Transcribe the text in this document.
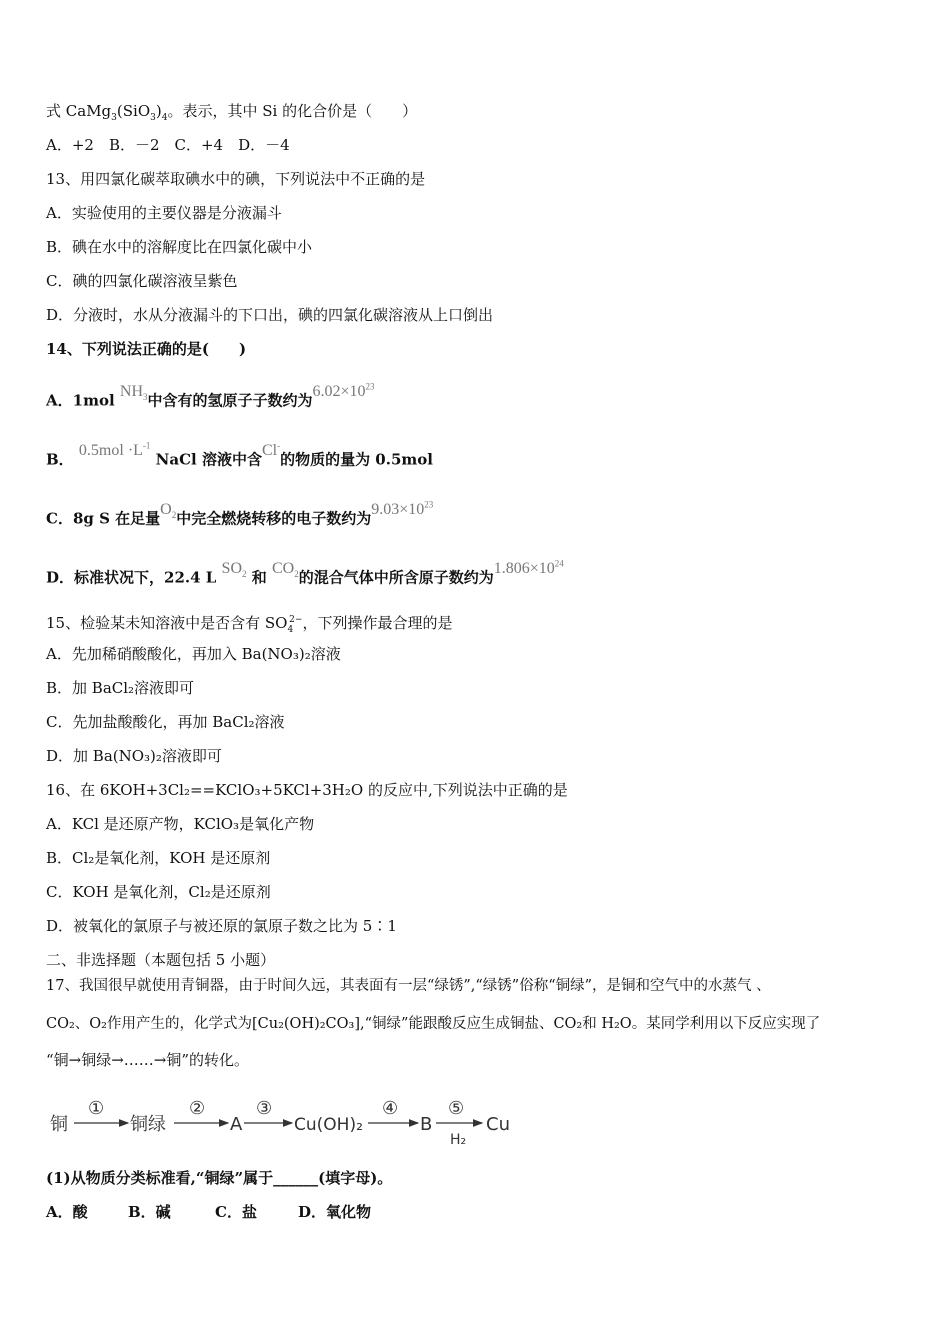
式 $CaMg_3(SiO_3)_4$。表示，其中 Si 的化合价是（　　）
A．+2　B．－2　C．+4　D．－4
13、用四氯化碳萃取碘水中的碘，下列说法中不正确的是
A．实验使用的主要仪器是分液漏斗
B．碘在水中的溶解度比在四氯化碳中小
C．碘的四氯化碳溶液呈紫色
D．分液时，水从分液漏斗的下口出，碘的四氯化碳溶液从上口倒出
14、下列说法正确的是(　　)
A．1mol $NH_3$中含有的氢原子子数约为$6.02\times 10^{23}$
B． $0.5mol \cdot L^{-1}$ NaCl 溶液中含Cl-的物质的量为 0.5mol
C．8g S 在足量$O_2$中完全燃烧转移的电子数约为$9.03\times 10^{23}$
D．标准状况下，22.4 L $SO_2$ 和 $CO_2$的混合气体中所含原子数约为$1.806\times 10^{24}$
15、检验某未知溶液中是否含有 $SO_4^{2-}$，下列操作最合理的是
A．先加稀硝酸酸化，再加入 Ba(NO₃)₂溶液
B．加 BaCl₂溶液即可
C．先加盐酸酸化，再加 BaCl₂溶液
D．加 Ba(NO₃)₂溶液即可
16、在 6KOH+3Cl₂==KClO₃+5KCl+3H₂O 的反应中,下列说法中正确的是
A．KCl 是还原产物，KClO₃是氧化产物
B．Cl₂是氧化剂，KOH 是还原剂
C．KOH 是氧化剂，Cl₂是还原剂
D．被氧化的氯原子与被还原的氯原子数之比为 5∶1
二、非选择题（本题包括 5 小题）
17、我国很早就使用青铜器，由于时间久远，其表面有一层“绿锈”,“绿锈”俗称“铜绿”，是铜和空气中的水蒸气 、
CO₂、O₂作用产生的，化学式为[Cu₂(OH)₂CO₃],“铜绿”能跟酸反应生成铜盐、CO₂和 H₂O。某同学利用以下反应实现了
“铜→铜绿→……→铜”的转化。
铜
①
铜绿
②
A
③
Cu(OH)₂
④
B
⑤
H₂
Cu
(1)从物质分类标准看,“铜绿”属于______(填字母)。
A．酸	B．碱	C．盐	D．氧化物
